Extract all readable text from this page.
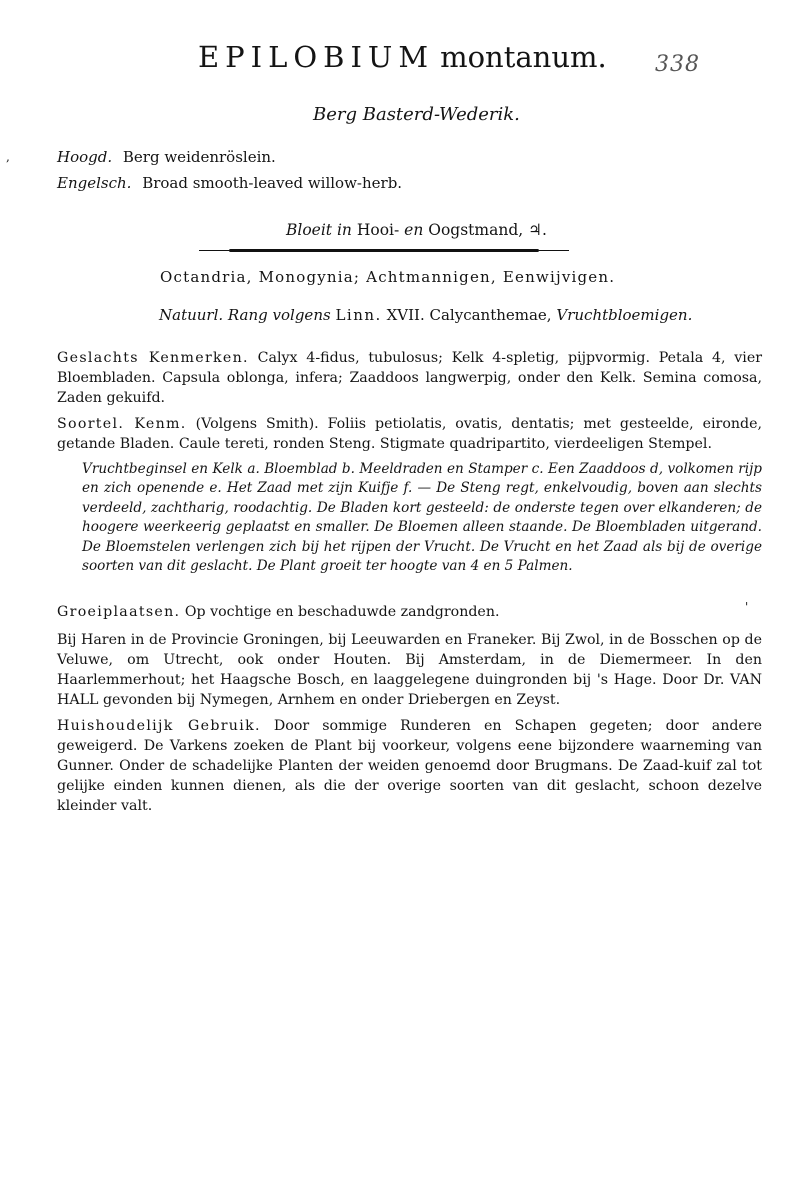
EPILOBIUM montanum. 338
Berg Basterd-Wederik.
,	Hoogd. Berg weidenröslein.
Engelsch. Broad smooth-leaved willow-herb.
Bloeit in Hooi- en Oogstmand, ♃.
Octandria, Monogynia; Achtmannigen, Eenwijvigen.
Natuurl. Rang volgens Linn. XVII. Calycanthemae, Vruchtbloemigen.
Geslachts Kenmerken. Calyx 4-fidus, tubulosus; Kelk 4-spletig, pijpvormig. Petala 4, vier Bloembladen. Capsula oblonga, infera; Zaaddoos langwerpig, onder den Kelk. Semina comosa, Zaden gekuifd.
Soortel. Kenm. (Volgens Smith). Foliis petiolatis, ovatis, dentatis; met gesteelde, eironde, getande Bladen. Caule tereti, ronden Steng. Stigmate quadripartito, vierdeeligen Stempel.
Vruchtbeginsel en Kelk a. Bloemblad b. Meeldraden en Stamper c. Een Zaaddoos d, volkomen rijp en zich openende e. Het Zaad met zijn Kuifje f. — De Steng regt, enkelvoudig, boven aan slechts verdeeld, zachtharig, roodachtig. De Bladen kort gesteeld: de onderste tegen over elkanderen; de hoogere weerkeerig geplaatst en smaller. De Bloemen alleen staande. De Bloembladen uitgerand. De Bloemstelen verlengen zich bij het rijpen der Vrucht. De Vrucht en het Zaad als bij de overige soorten van dit geslacht. De Plant groeit ter hoogte van 4 en 5 Palmen.
Groeiplaatsen. Op vochtige en beschaduwde zandgronden.	'
Bij Haren in de Provincie Groningen, bij Leeuwarden en Franeker. Bij Zwol, in de Bosschen op de Veluwe, om Utrecht, ook onder Houten. Bij Amsterdam, in de Diemermeer. In den Haarlemmerhout; het Haagsche Bosch, en laaggelegene duingronden bij 's Hage. Door Dr. VAN HALL gevonden bij Nymegen, Arnhem en onder Driebergen en Zeyst.
Huishoudelijk Gebruik. Door sommige Runderen en Schapen gegeten; door andere geweigerd. De Varkens zoeken de Plant bij voorkeur, volgens eene bijzondere waarneming van Gunner. Onder de schadelijke Planten der weiden genoemd door Brugmans. De Zaad-kuif zal tot gelijke einden kunnen dienen, als die der overige soorten van dit geslacht, schoon dezelve kleinder valt.
